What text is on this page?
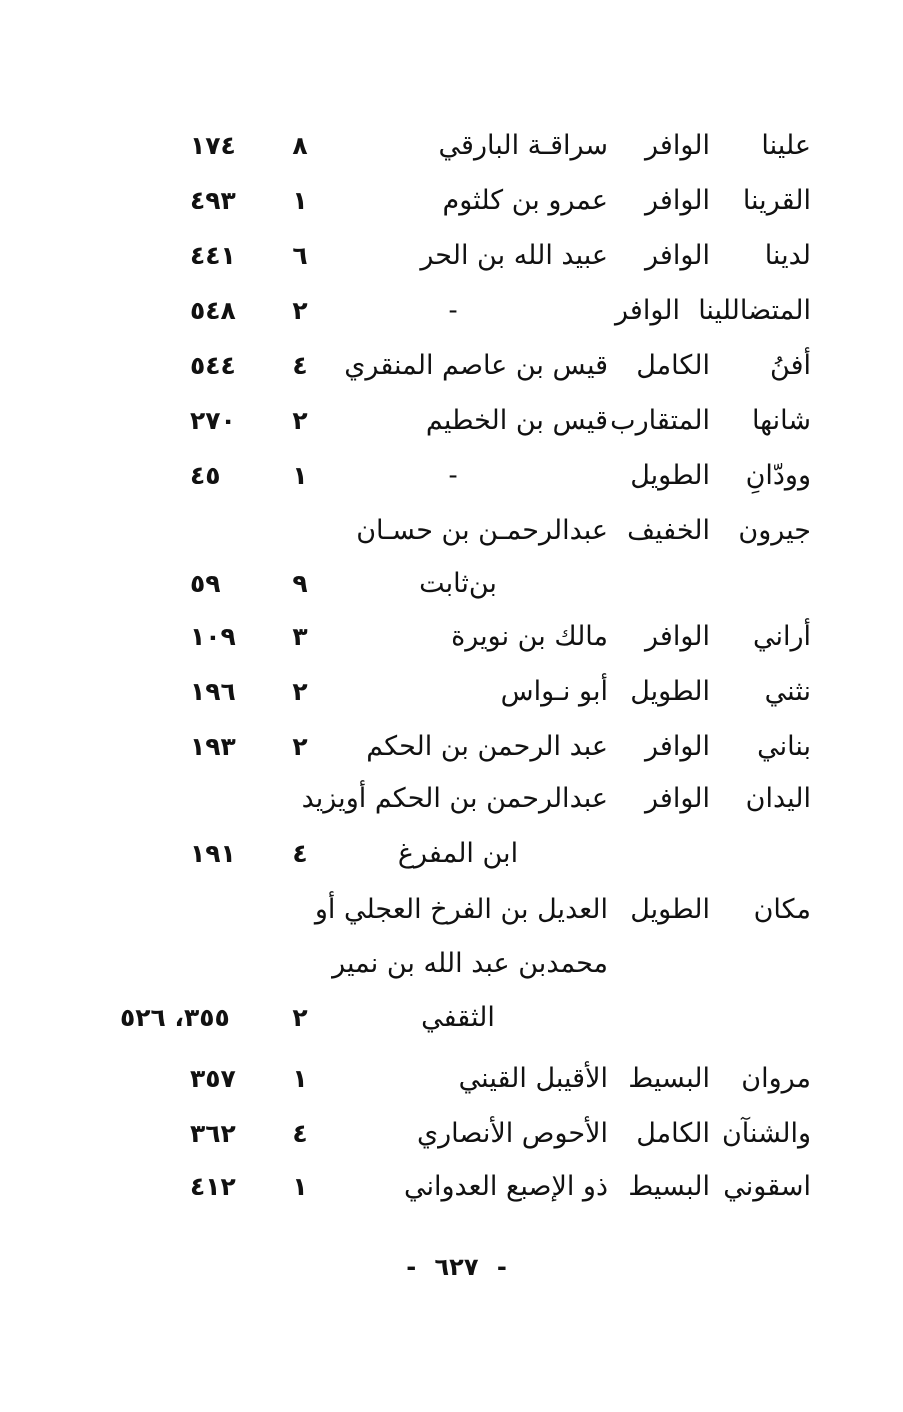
علينا
الوافر
سراقـة البارقي
٨
١٧٤
القرينا
الوافر
عمرو بن كلثوم
١
٤٩٣
لدينا
الوافر
عبيد الله بن الحر
٦
٤٤١
المتضاللينا
الوافر
-
٢
٥٤٨
أفنُ
الكامل
قيس بن عاصم المنقري
٤
٥٤٤
شانها
المتقارب
قيس بن الخطيم
٢
٢٧٠
وودّانِ
الطويل
-
١
٤٥
جيرون
الخفيف
عبدالرحمـن بن حسـان
بن‌ثابت
٩
٥٩
أراني
الوافر
مالك بن نويرة
٣
١٠٩
نثني
الطويل
أبو نـواس
٢
١٩٦
بناني
الوافر
عبد الرحمن بن الحكم
٢
١٩٣
اليدان
الوافر
عبدالرحمن بن الحكم أويزيد
ابن المفرغ
٤
١٩١
مكان
الطويل
العديل بن الفرخ العجلي أو
محمدبن عبد الله بن نمير
الثقفي
٢
٣٥٥، ٥٢٦
مروان
البسيط
الأقيبل القيني
١
٣٥٧
والشنآن
الكامل
الأحوص الأنصاري
٤
٣٦٢
اسقوني
البسيط
ذو الإصبع العدواني
١
٤١٢
- ٦٢٧ -
